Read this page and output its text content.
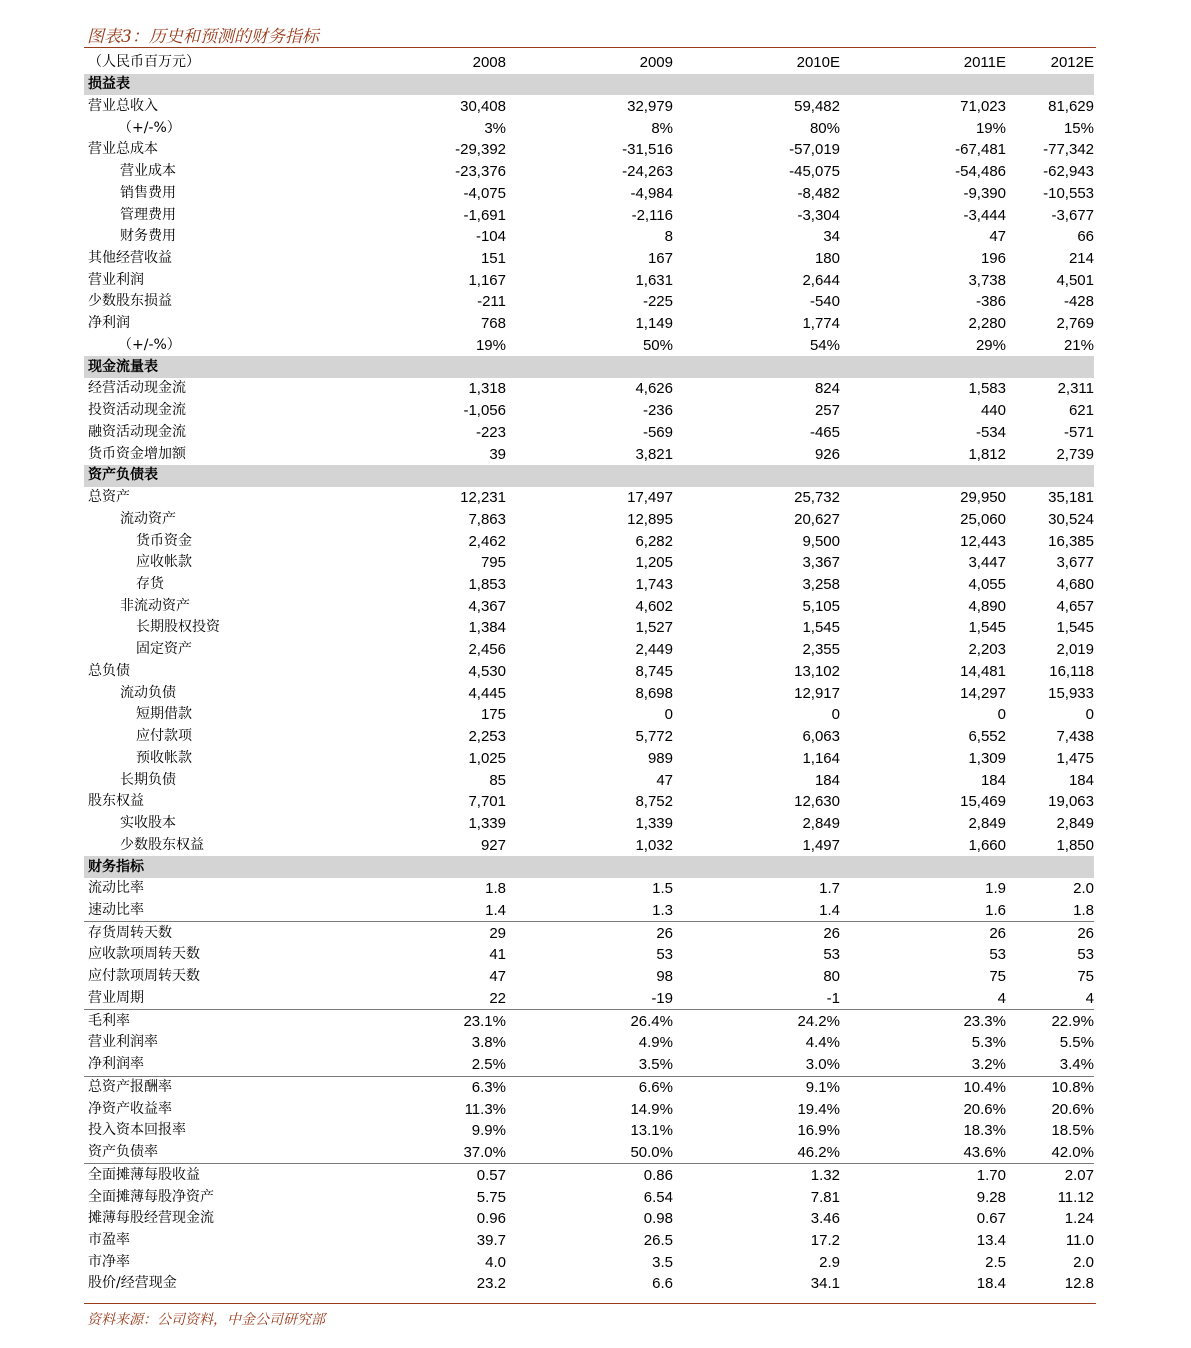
图表3：历史和预测的财务指标
（人民币百万元）	2008	2009	2010E	2011E	2012E
损益表					
营业总收入	30,408	32,979	59,482	71,023	81,629
（+/-%）	3%	8%	80%	19%	15%
营业总成本	-29,392	-31,516	-57,019	-67,481	-77,342
营业成本	-23,376	-24,263	-45,075	-54,486	-62,943
销售费用	-4,075	-4,984	-8,482	-9,390	-10,553
管理费用	-1,691	-2,116	-3,304	-3,444	-3,677
财务费用	-104	8	34	47	66
其他经营收益	151	167	180	196	214
营业利润	1,167	1,631	2,644	3,738	4,501
少数股东损益	-211	-225	-540	-386	-428
净利润	768	1,149	1,774	2,280	2,769
（+/-%）	19%	50%	54%	29%	21%
现金流量表					
经营活动现金流	1,318	4,626	824	1,583	2,311
投资活动现金流	-1,056	-236	257	440	621
融资活动现金流	-223	-569	-465	-534	-571
货币资金增加额	39	3,821	926	1,812	2,739
资产负债表					
总资产	12,231	17,497	25,732	29,950	35,181
流动资产	7,863	12,895	20,627	25,060	30,524
货币资金	2,462	6,282	9,500	12,443	16,385
应收帐款	795	1,205	3,367	3,447	3,677
存货	1,853	1,743	3,258	4,055	4,680
非流动资产	4,367	4,602	5,105	4,890	4,657
长期股权投资	1,384	1,527	1,545	1,545	1,545
固定资产	2,456	2,449	2,355	2,203	2,019
总负债	4,530	8,745	13,102	14,481	16,118
流动负债	4,445	8,698	12,917	14,297	15,933
短期借款	175	0	0	0	0
应付款项	2,253	5,772	6,063	6,552	7,438
预收帐款	1,025	989	1,164	1,309	1,475
长期负债	85	47	184	184	184
股东权益	7,701	8,752	12,630	15,469	19,063
实收股本	1,339	1,339	2,849	2,849	2,849
少数股东权益	927	1,032	1,497	1,660	1,850
财务指标					
流动比率	1.8	1.5	1.7	1.9	2.0
速动比率	1.4	1.3	1.4	1.6	1.8
存货周转天数	29	26	26	26	26
应收款项周转天数	41	53	53	53	53
应付款项周转天数	47	98	80	75	75
营业周期	22	-19	-1	4	4
毛利率	23.1%	26.4%	24.2%	23.3%	22.9%
营业利润率	3.8%	4.9%	4.4%	5.3%	5.5%
净利润率	2.5%	3.5%	3.0%	3.2%	3.4%
总资产报酬率	6.3%	6.6%	9.1%	10.4%	10.8%
净资产收益率	11.3%	14.9%	19.4%	20.6%	20.6%
投入资本回报率	9.9%	13.1%	16.9%	18.3%	18.5%
资产负债率	37.0%	50.0%	46.2%	43.6%	42.0%
全面摊薄每股收益	0.57	0.86	1.32	1.70	2.07
全面摊薄每股净资产	5.75	6.54	7.81	9.28	11.12
摊薄每股经营现金流	0.96	0.98	3.46	0.67	1.24
市盈率	39.7	26.5	17.2	13.4	11.0
市净率	4.0	3.5	2.9	2.5	2.0
股价/经营现金	23.2	6.6	34.1	18.4	12.8
资料来源：公司资料，中金公司研究部
